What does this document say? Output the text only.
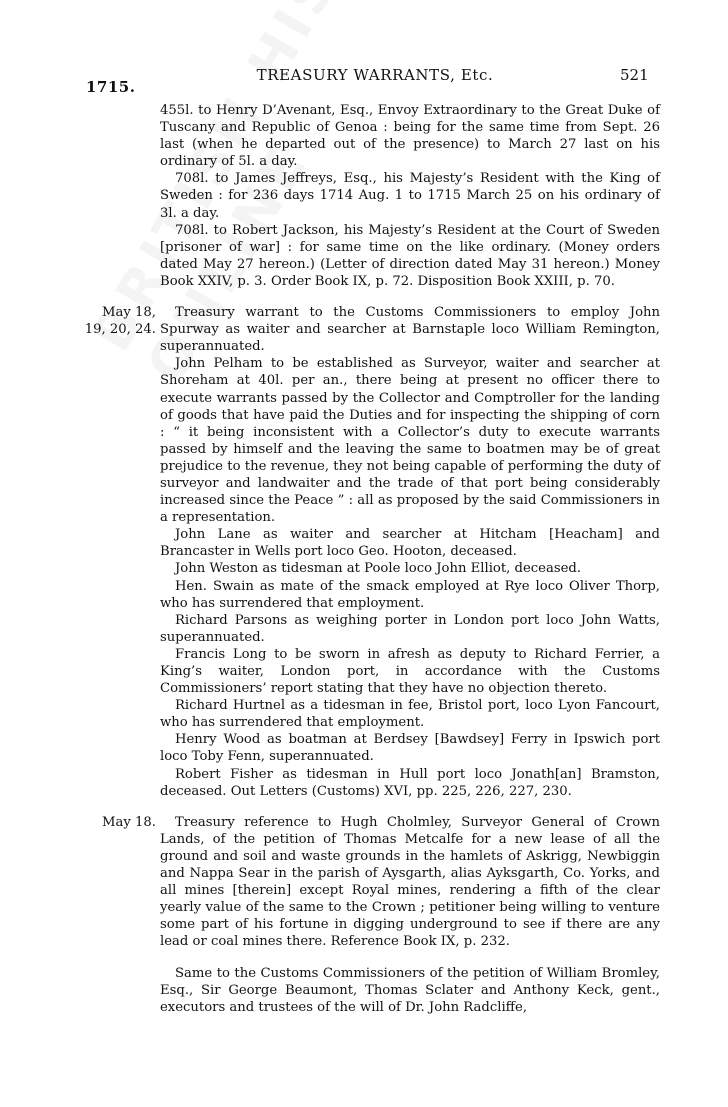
1715.
TREASURY WARRANTS, Etc.	521

455l. to Henry D’Avenant, Esq., Envoy Extraordinary to the Great Duke of Tuscany and Republic of Genoa : being for the same time from Sept. 26 last (when he departed out of the presence) to March 27 last on his ordinary of 5l. a day.

708l. to James Jeffreys, Esq., his Majesty’s Resident with the King of Sweden : for 236 days 1714 Aug. 1 to 1715 March 25 on his ordinary of 3l. a day.

708l. to Robert Jackson, his Majesty’s Resident at the Court of Sweden [prisoner of war] : for same time on the like ordinary. (Money orders dated May 27 hereon.) (Letter of direction dated May 31 hereon.) Money Book XXIV, p. 3. Order Book IX, p. 72. Disposition Book XXIII, p. 70.

May 18, 19, 20, 24.

Treasury warrant to the Customs Commissioners to employ John Spurway as waiter and searcher at Barnstaple loco William Remington, superannuated.

John Pelham to be established as Surveyor, waiter and searcher at Shoreham at 40l. per an., there being at present no officer there to execute warrants passed by the Collector and Comptroller for the landing of goods that have paid the Duties and for inspecting the shipping of corn : “ it being inconsistent with a Collector’s duty to execute warrants passed by himself and the leaving the same to boatmen may be of great prejudice to the revenue, they not being capable of performing the duty of surveyor and landwaiter and the trade of that port being considerably increased since the Peace ” : all as proposed by the said Commissioners in a representation.

John Lane as waiter and searcher at Hitcham [Heacham] and Brancaster in Wells port loco Geo. Hooton, deceased.

John Weston as tidesman at Poole loco John Elliot, deceased.

Hen. Swain as mate of the smack employed at Rye loco Oliver Thorp, who has surrendered that employment.

Richard Parsons as weighing porter in London port loco John Watts, superannuated.

Francis Long to be sworn in afresh as deputy to Richard Ferrier, a King’s waiter, London port, in accordance with the Customs Commissioners’ report stating that they have no objection thereto.

Richard Hurtnel as a tidesman in fee, Bristol port, loco Lyon Fancourt, who has surrendered that employment.

Henry Wood as boatman at Berdsey [Bawdsey] Ferry in Ipswich port loco Toby Fenn, superannuated.

Robert Fisher as tidesman in Hull port loco Jonath[an] Bramston, deceased. Out Letters (Customs) XVI, pp. 225, 226, 227, 230.

May 18.	Treasury reference to Hugh Cholmley, Surveyor General of Crown Lands, of the petition of Thomas Metcalfe for a new lease of all the ground and soil and waste grounds in the hamlets of Askrigg, Newbiggin and Nappa Sear in the parish of Aysgarth, alias Ayksgarth, Co. Yorks, and all mines [therein] except Royal mines, rendering a fifth of the clear yearly value of the same to the Crown ; petitioner being willing to venture some part of his fortune in digging underground to see if there are any lead or coal mines there. Reference Book IX, p. 232.

Same to the Customs Commissioners of the petition of William Bromley, Esq., Sir George Beaumont, Thomas Sclater and Anthony Keck, gent., executors and trustees of the will of Dr. John Radcliffe,
